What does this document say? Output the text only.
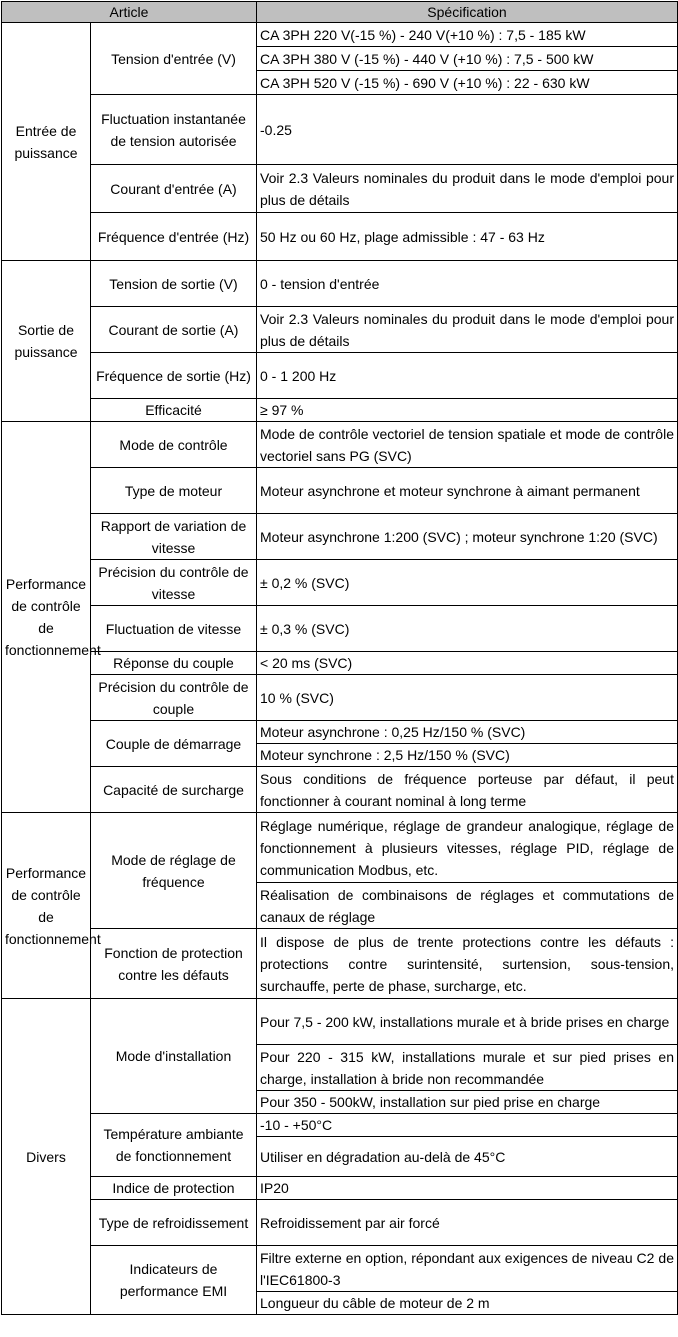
Article		Spécification
Entrée de puissance	Tension d'entrée (V)	CA 3PH 220 V(-15 %) - 240 V(+10 %) : 7,5 - 185 kW
		CA 3PH 380 V (-15 %) - 440 V (+10 %) : 7,5 - 500 kW
		CA 3PH 520 V (-15 %) - 690 V (+10 %) : 22 - 630 kW
	Fluctuation instantanée de tension autorisée	-0.25
	Courant d'entrée (A)	Voir 2.3 Valeurs nominales du produit dans le mode d'emploi pour plus de détails
	Fréquence d'entrée (Hz)	50 Hz ou 60 Hz, plage admissible : 47 - 63 Hz
Sortie de puissance	Tension de sortie (V)	0 - tension d'entrée
	Courant de sortie (A)	Voir 2.3 Valeurs nominales du produit dans le mode d'emploi pour plus de détails
	Fréquence de sortie (Hz)	0 - 1 200 Hz
	Efficacité	≥ 97 %
Performance de contrôle de fonctionnement	Mode de contrôle	Mode de contrôle vectoriel de tension spatiale et mode de contrôle vectoriel sans PG (SVC)
	Type de moteur	Moteur asynchrone et moteur synchrone à aimant permanent
	Rapport de variation de vitesse	Moteur asynchrone 1:200 (SVC) ; moteur synchrone 1:20 (SVC)
	Précision du contrôle de vitesse	± 0,2 % (SVC)
	Fluctuation de vitesse	± 0,3 % (SVC)
	Réponse du couple	< 20 ms (SVC)
	Précision du contrôle de couple	10 % (SVC)
	Couple de démarrage	Moteur asynchrone : 0,25 Hz/150 % (SVC)
		Moteur synchrone : 2,5 Hz/150 % (SVC)
	Capacité de surcharge	Sous conditions de fréquence porteuse par défaut, il peut fonctionner à courant nominal à long terme
Performance de contrôle de fonctionnement	Mode de réglage de fréquence	Réglage numérique, réglage de grandeur analogique, réglage de fonctionnement à plusieurs vitesses, réglage PID, réglage de communication Modbus, etc.
		Réalisation de combinaisons de réglages et commutations de canaux de réglage
	Fonction de protection contre les défauts	Il dispose de plus de trente protections contre les défauts : protections contre surintensité, surtension, sous-tension, surchauffe, perte de phase, surcharge, etc.
Divers	Mode d'installation	Pour 7,5 - 200 kW, installations murale et à bride prises en charge
		Pour 220 - 315 kW, installations murale et sur pied prises en charge, installation à bride non recommandée
		Pour 350 - 500kW, installation sur pied prise en charge
	Température ambiante de fonctionnement	-10 - +50°C
		Utiliser en dégradation au-delà de 45°C
	Indice de protection	IP20
	Type de refroidissement	Refroidissement par air forcé
	Indicateurs de performance EMI	Filtre externe en option, répondant aux exigences de niveau C2 de l'IEC61800-3
		Longueur du câble de moteur de 2 m
